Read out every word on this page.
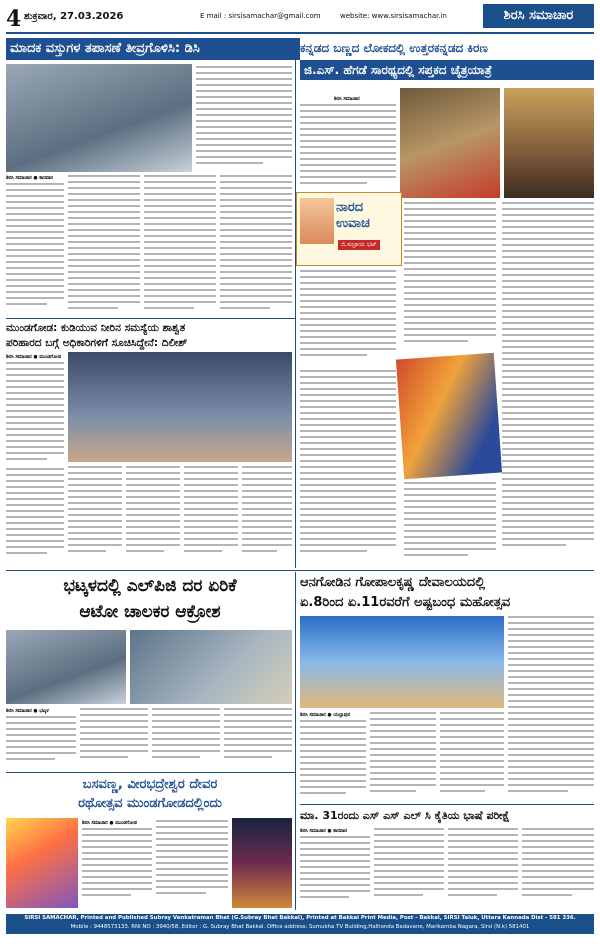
4 ಶುಕ್ರವಾರ, 27.03.2026	E mail : sirsisamachar@gmail.com	website: www.sirsisamachar.in	ಶಿರಸಿ ಸಮಾಚಾರ
ಮಾದಕ ವಸ್ತುಗಳ ತಪಾಸಣೆ ತೀವ್ರಗೊಳಿಸಿ: ಡಿಸಿ
ಶಿರಸಿ ಸಮಾಚಾರ ● ಕಾರವಾರ
ಕನ್ನಡದ ಬಣ್ಣದ ಲೋಕದಲ್ಲಿ ಉತ್ತರಕನ್ನಡದ ಕಿರಣ
ಜಿ.ಎಸ್. ಹೆಗಡೆ ಸಾರಥ್ಯದಲ್ಲಿ ಸಪ್ತಕದ ಚೈತ್ರಯಾತ್ರೆ
ಶಿರಸಿ ಸಮಾಚಾರ
ನಾರದ
ಉವಾಚ
ಜಿ.ಸುಬ್ರಾಯ ಭಟ್
ಮುಂಡಗೋಡ: ಕುಡಿಯುವ ನೀರಿನ ಸಮಸ್ಯೆಯ ಶಾಶ್ವತ
ಪರಿಹಾರದ ಬಗ್ಗೆ ಅಧಿಕಾರಿಗಳಿಗೆ ಸೂಚಿಸಿದ್ದೇನೆ: ದಿಲೀಶ್
ಶಿರಸಿ ಸಮಾಚಾರ ● ಮುಂಡಗೋಡ
ಭಟ್ಕಳದಲ್ಲಿ ಎಲ್‌ಪಿಜಿ ದರ ಏರಿಕೆ
ಆಟೋ ಚಾಲಕರ ಆಕ್ರೋಶ
ಶಿರಸಿ ಸಮಾಚಾರ ● ಭಟ್ಕಳ
ಬಸವಣ್ಣ, ವೀರಭದ್ರೇಶ್ವರ ದೇವರ
ರಥೋತ್ಸವ ಮುಂಡಗೋಡದಲ್ಲಿಂದು
ಶಿರಸಿ ಸಮಾಚಾರ ● ಮುಂಡಗೋಡ
ಆನಗೋಡಿನ ಗೋಪಾಲಕೃಷ್ಣ ದೇವಾಲಯದಲ್ಲಿ
ಏ.8ರಿಂದ ಏ.11ರವರೆಗೆ ಅಷ್ಟಬಂಧ ಮಹೋತ್ಸವ
ಶಿರಸಿ ಸಮಾಚಾರ ● ಯಲ್ಲಾಪುರ
ಮಾ. 31ರಂದು ಎಸ್ ಎಸ್ ಎಲ್ ಸಿ ಕೈತಿಯ ಭಾಷೆ ಪರೀಕ್ಷೆ
ಶಿರಸಿ ಸಮಾಚಾರ ● ಕಾರವಾರ
SIRSI SAMACHAR, Printed and Published Subray Venkatraman Bhat (G.Subray Bhat Bakkal), Printed at Bakkal Print Media, Post - Bakkal, SIRSI Taluk, Uttara Kannada Dist - 581 336.
Mobile : 9448573133. RNI NO : 3940/58, Editor : G. Subray Bhat Bakkal. Office address: Sumukha TV Building,Halhonda Badavane, Marikamba Nagara, Sirsi (N.k) 581401
